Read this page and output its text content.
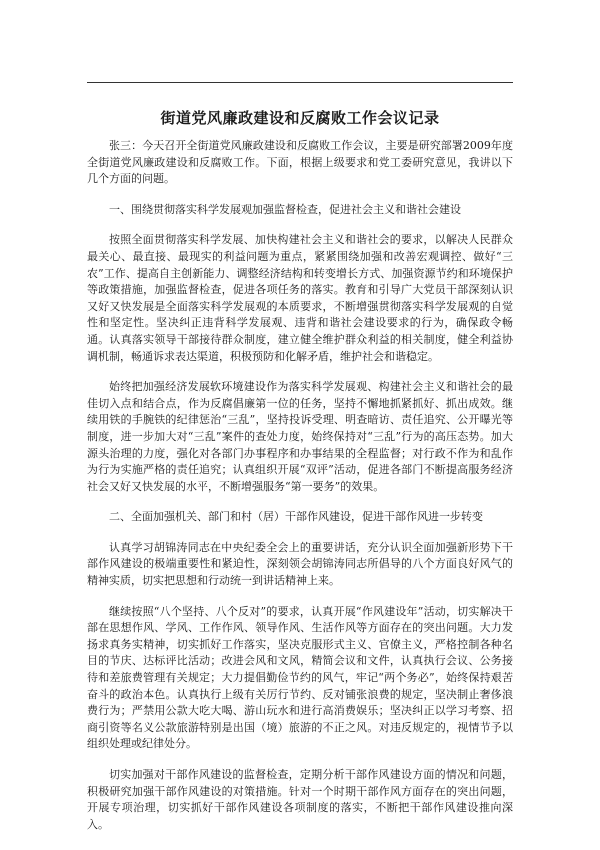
街道党风廉政建设和反腐败工作会议记录

张三：今天召开全街道党风廉政建设和反腐败工作会议，主要是研究部署2009年度全街道党风廉政建设和反腐败工作。下面，根据上级要求和党工委研究意见，我讲以下几个方面的问题。

一、围绕贯彻落实科学发展观加强监督检查，促进社会主义和谐社会建设

按照全面贯彻落实科学发展、加快构建社会主义和谐社会的要求，以解决人民群众最关心、最直接、最现实的利益问题为重点，紧紧围绕加强和改善宏观调控、做好“三农”工作、提高自主创新能力、调整经济结构和转变增长方式、加强资源节约和环境保护等政策措施，加强监督检查，促进各项任务的落实。教育和引导广大党员干部深刻认识又好又快发展是全面落实科学发展观的本质要求，不断增强贯彻落实科学发展观的自觉性和坚定性。坚决纠正违背科学发展观、违背和谐社会建设要求的行为，确保政令畅通。认真落实领导干部接待群众制度，建立健全维护群众利益的相关制度，健全利益协调机制，畅通诉求表达渠道，积极预防和化解矛盾，维护社会和谐稳定。

始终把加强经济发展软环境建设作为落实科学发展观、构建社会主义和谐社会的最佳切入点和结合点，作为反腐倡廉第一位的任务，坚持不懈地抓紧抓好、抓出成效。继续用铁的手腕铁的纪律惩治“三乱”，坚持投诉受理、明查暗访、责任追究、公开曝光等制度，进一步加大对“三乱”案件的查处力度，始终保持对“三乱”行为的高压态势。加大源头治理的力度，强化对各部门办事程序和办事结果的全程监督；对行政不作为和乱作为行为实施严格的责任追究；认真组织开展“双评”活动，促进各部门不断提高服务经济社会又好又快发展的水平，不断增强服务“第一要务”的效果。

二、全面加强机关、部门和村（居）干部作风建设，促进干部作风进一步转变

认真学习胡锦涛同志在中央纪委全会上的重要讲话，充分认识全面加强新形势下干部作风建设的极端重要性和紧迫性，深刻领会胡锦涛同志所倡导的八个方面良好风气的精神实质，切实把思想和行动统一到讲话精神上来。

继续按照“八个坚持、八个反对”的要求，认真开展“作风建设年”活动，切实解决干部在思想作风、学风、工作作风、领导作风、生活作风等方面存在的突出问题。大力发扬求真务实精神，切实抓好工作落实，坚决克服形式主义、官僚主义，严格控制各种名目的节庆、达标评比活动；改进会风和文风，精简会议和文件，认真执行会议、公务接待和差旅费管理有关规定；大力提倡勤俭节约的风气，牢记“两个务必”，始终保持艰苦奋斗的政治本色。认真执行上级有关厉行节约、反对铺张浪费的规定，坚决制止奢侈浪费行为；严禁用公款大吃大喝、游山玩水和进行高消费娱乐；坚决纠正以学习考察、招商引资等名义公款旅游特别是出国（境）旅游的不正之风。对违反规定的，视情节予以组织处理或纪律处分。

切实加强对干部作风建设的监督检查，定期分析干部作风建设方面的情况和问题，积极研究加强干部作风建设的对策措施。针对一个时期干部作风方面存在的突出问题，开展专项治理，切实抓好干部作风建设各项制度的落实，不断把干部作风建设推向深入。
